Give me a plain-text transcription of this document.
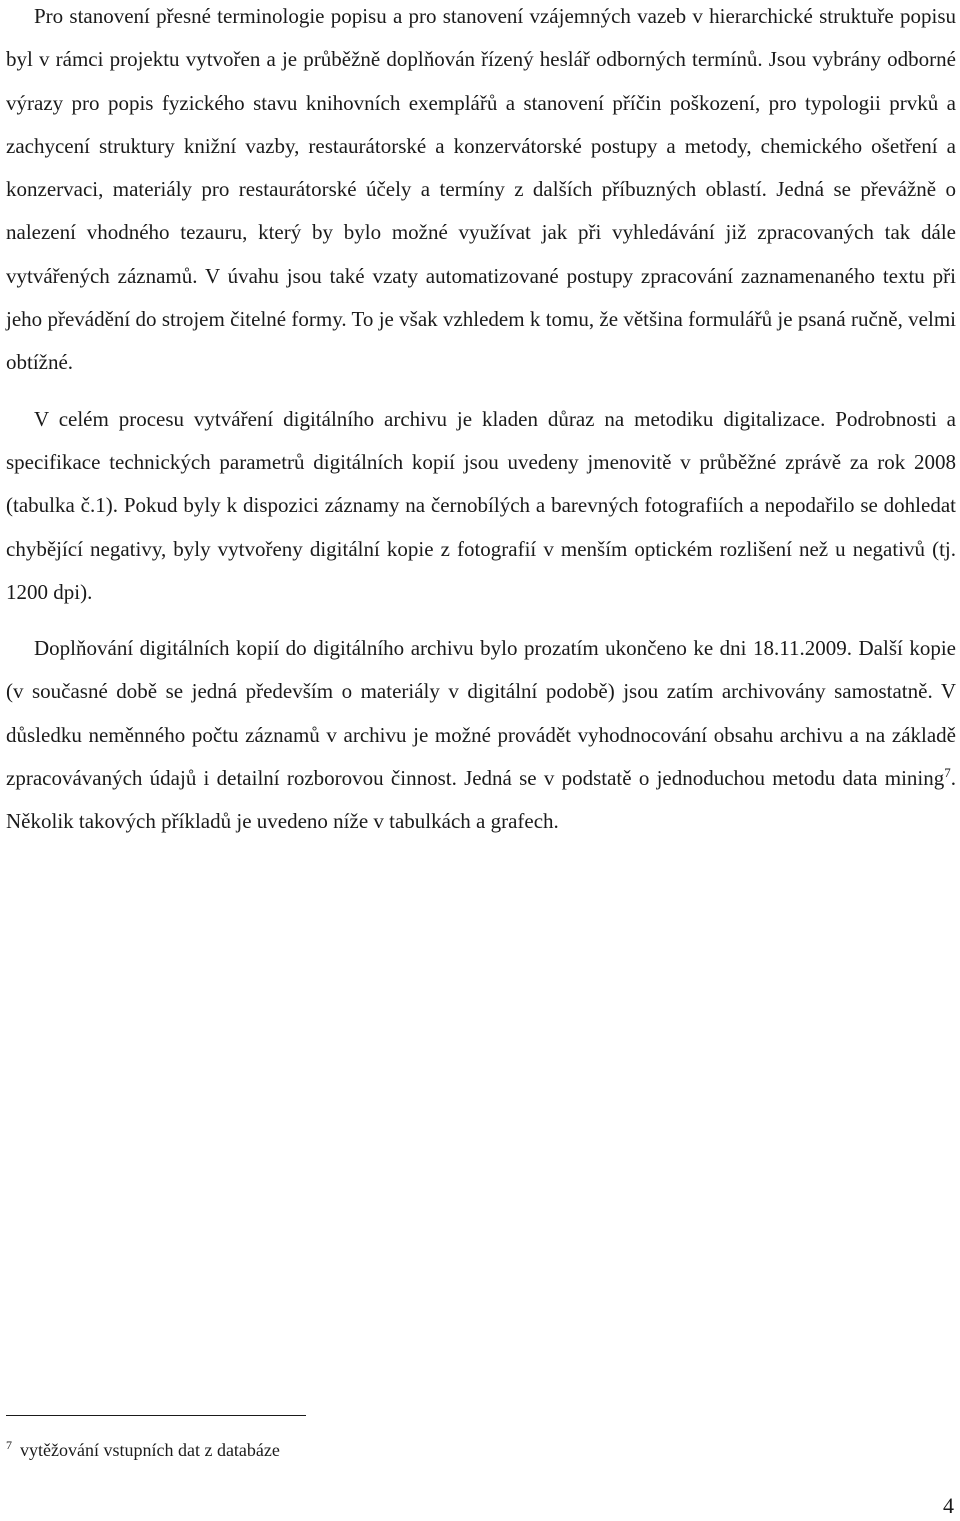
Pro stanovení přesné terminologie popisu a pro stanovení vzájemných vazeb v hierarchické struktuře popisu byl v rámci projektu vytvořen a je průběžně doplňován řízený heslář odborných termínů. Jsou vybrány odborné výrazy pro popis fyzického stavu knihovních exemplářů a stanovení příčin poškození, pro typologii prvků a zachycení struktury knižní vazby, restaurátorské a konzervátorské postupy a metody, chemického ošetření a konzervaci, materiály pro restaurátorské účely a termíny z dalších příbuzných oblastí. Jedná se převážně o nalezení vhodného tezauru, který by bylo možné využívat jak při vyhledávání již zpracovaných tak dále vytvářených záznamů. V úvahu jsou také vzaty automatizované postupy zpracování zaznamenaného textu při jeho převádění do strojem čitelné formy. To je však vzhledem k tomu, že většina formulářů je psaná ručně, velmi obtížné.

V celém procesu vytváření digitálního archivu je kladen důraz na metodiku digitalizace. Podrobnosti a specifikace technických parametrů digitálních kopií jsou uvedeny jmenovitě v průběžné zprávě za rok 2008 (tabulka č.1). Pokud byly k dispozici záznamy na černobílých a barevných fotografiích a nepodařilo se dohledat chybějící negativy, byly vytvořeny digitální kopie z fotografií v menším optickém rozlišení než u negativů (tj. 1200 dpi).

Doplňování digitálních kopií do digitálního archivu bylo prozatím ukončeno ke dni 18.11.2009. Další kopie (v současné době se jedná především o materiály v digitální podobě) jsou zatím archivovány samostatně. V důsledku neměnného počtu záznamů v archivu je možné provádět vyhodnocování obsahu archivu a na základě zpracovávaných údajů i detailní rozborovou činnost. Jedná se v podstatě o jednoduchou metodu data mining$^7$. Několik takových příkladů je uvedeno níže v tabulkách a grafech.

$^7$ vytěžování vstupních dat z databáze

4
